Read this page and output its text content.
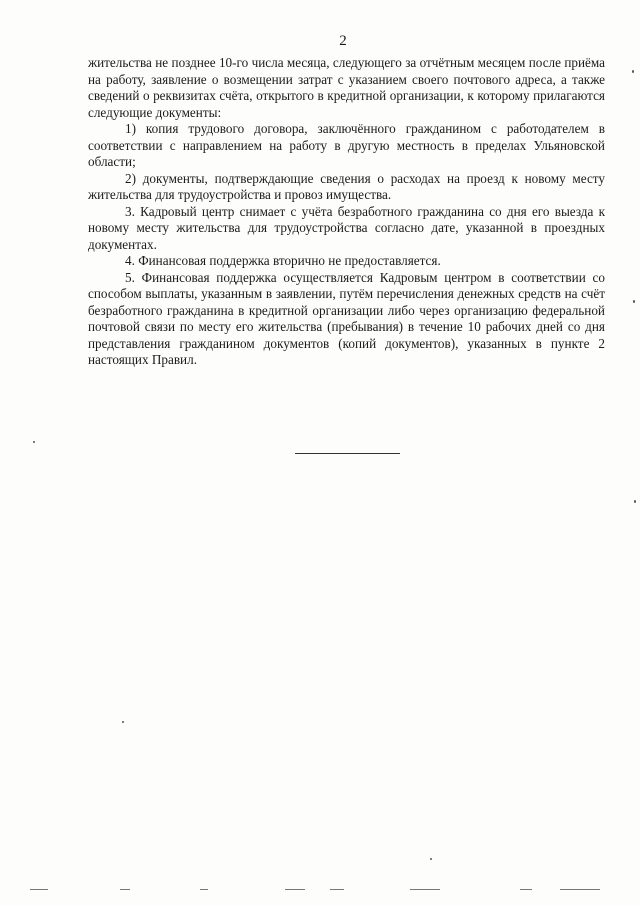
2

жительства не позднее 10-го числа месяца, следующего за отчётным месяцем после приёма на работу, заявление о возмещении затрат с указанием своего почтового адреса, а также сведений о реквизитах счёта, открытого в кредитной организации, к которому прилагаются следующие документы:

1) копия трудового договора, заключённого гражданином с работодателем в соответствии с направлением на работу в другую местность в пределах Ульяновской области;

2) документы, подтверждающие сведения о расходах на проезд к новому месту жительства для трудоустройства и провоз имущества.

3. Кадровый центр снимает с учёта безработного гражданина со дня его выезда к новому месту жительства для трудоустройства согласно дате, указанной в проездных документах.

4. Финансовая поддержка вторично не предоставляется.

5. Финансовая поддержка осуществляется Кадровым центром в соответствии со способом выплаты, указанным в заявлении, путём перечисления денежных средств на счёт безработного гражданина в кредитной организации либо через организацию федеральной почтовой связи по месту его жительства (пребывания) в течение 10 рабочих дней со дня представления гражданином документов (копий документов), указанных в пункте 2 настоящих Правил.
